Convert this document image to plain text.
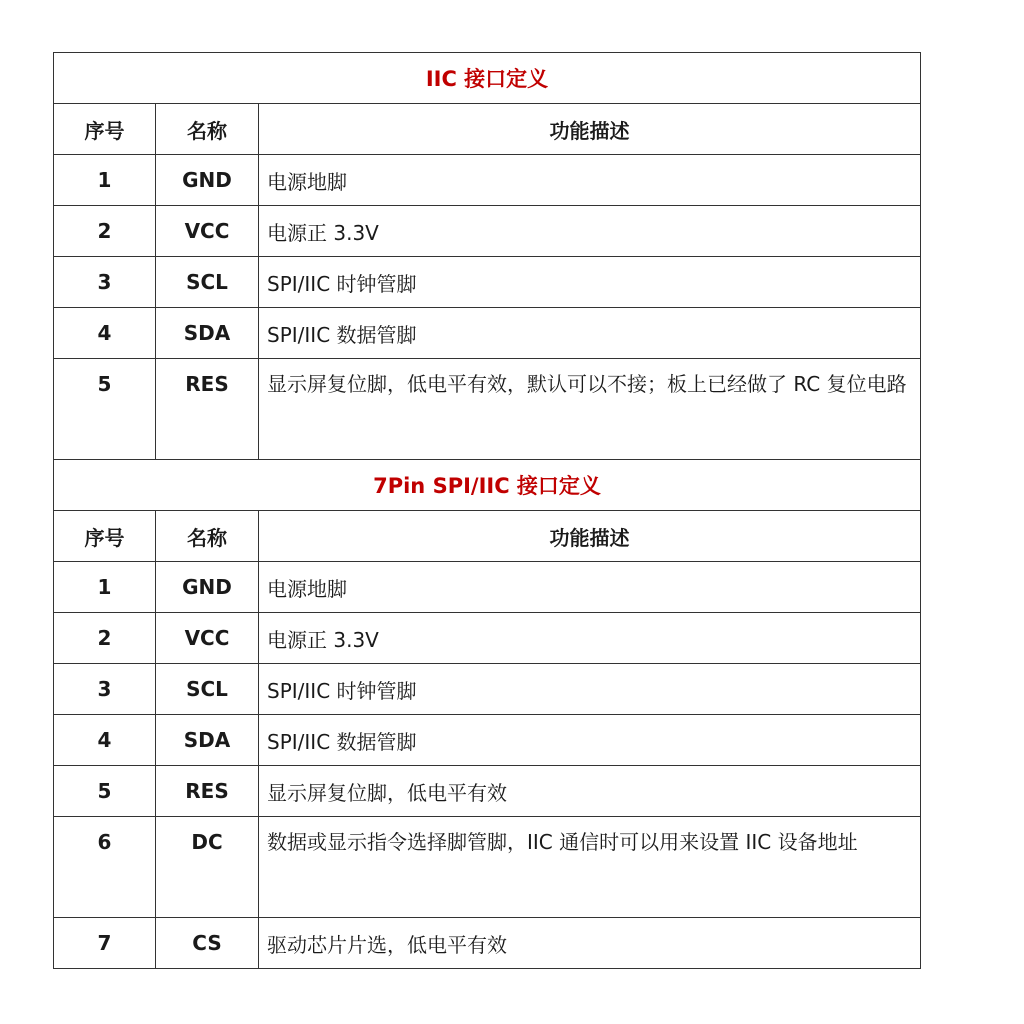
IIC 接口定义		
序号	名称	功能描述
1	GND	电源地脚
2	VCC	电源正 3.3V
3	SCL	SPI/IIC 时钟管脚
4	SDA	SPI/IIC 数据管脚
5	RES	显示屏复位脚，低电平有效，默认可以不接；板上已经做了 RC 复位电路
7Pin SPI/IIC 接口定义		
序号	名称	功能描述
1	GND	电源地脚
2	VCC	电源正 3.3V
3	SCL	SPI/IIC 时钟管脚
4	SDA	SPI/IIC 数据管脚
5	RES	显示屏复位脚，低电平有效
6	DC	数据或显示指令选择脚管脚，IIC 通信时可以用来设置 IIC 设备地址
7	CS	驱动芯片片选，低电平有效
